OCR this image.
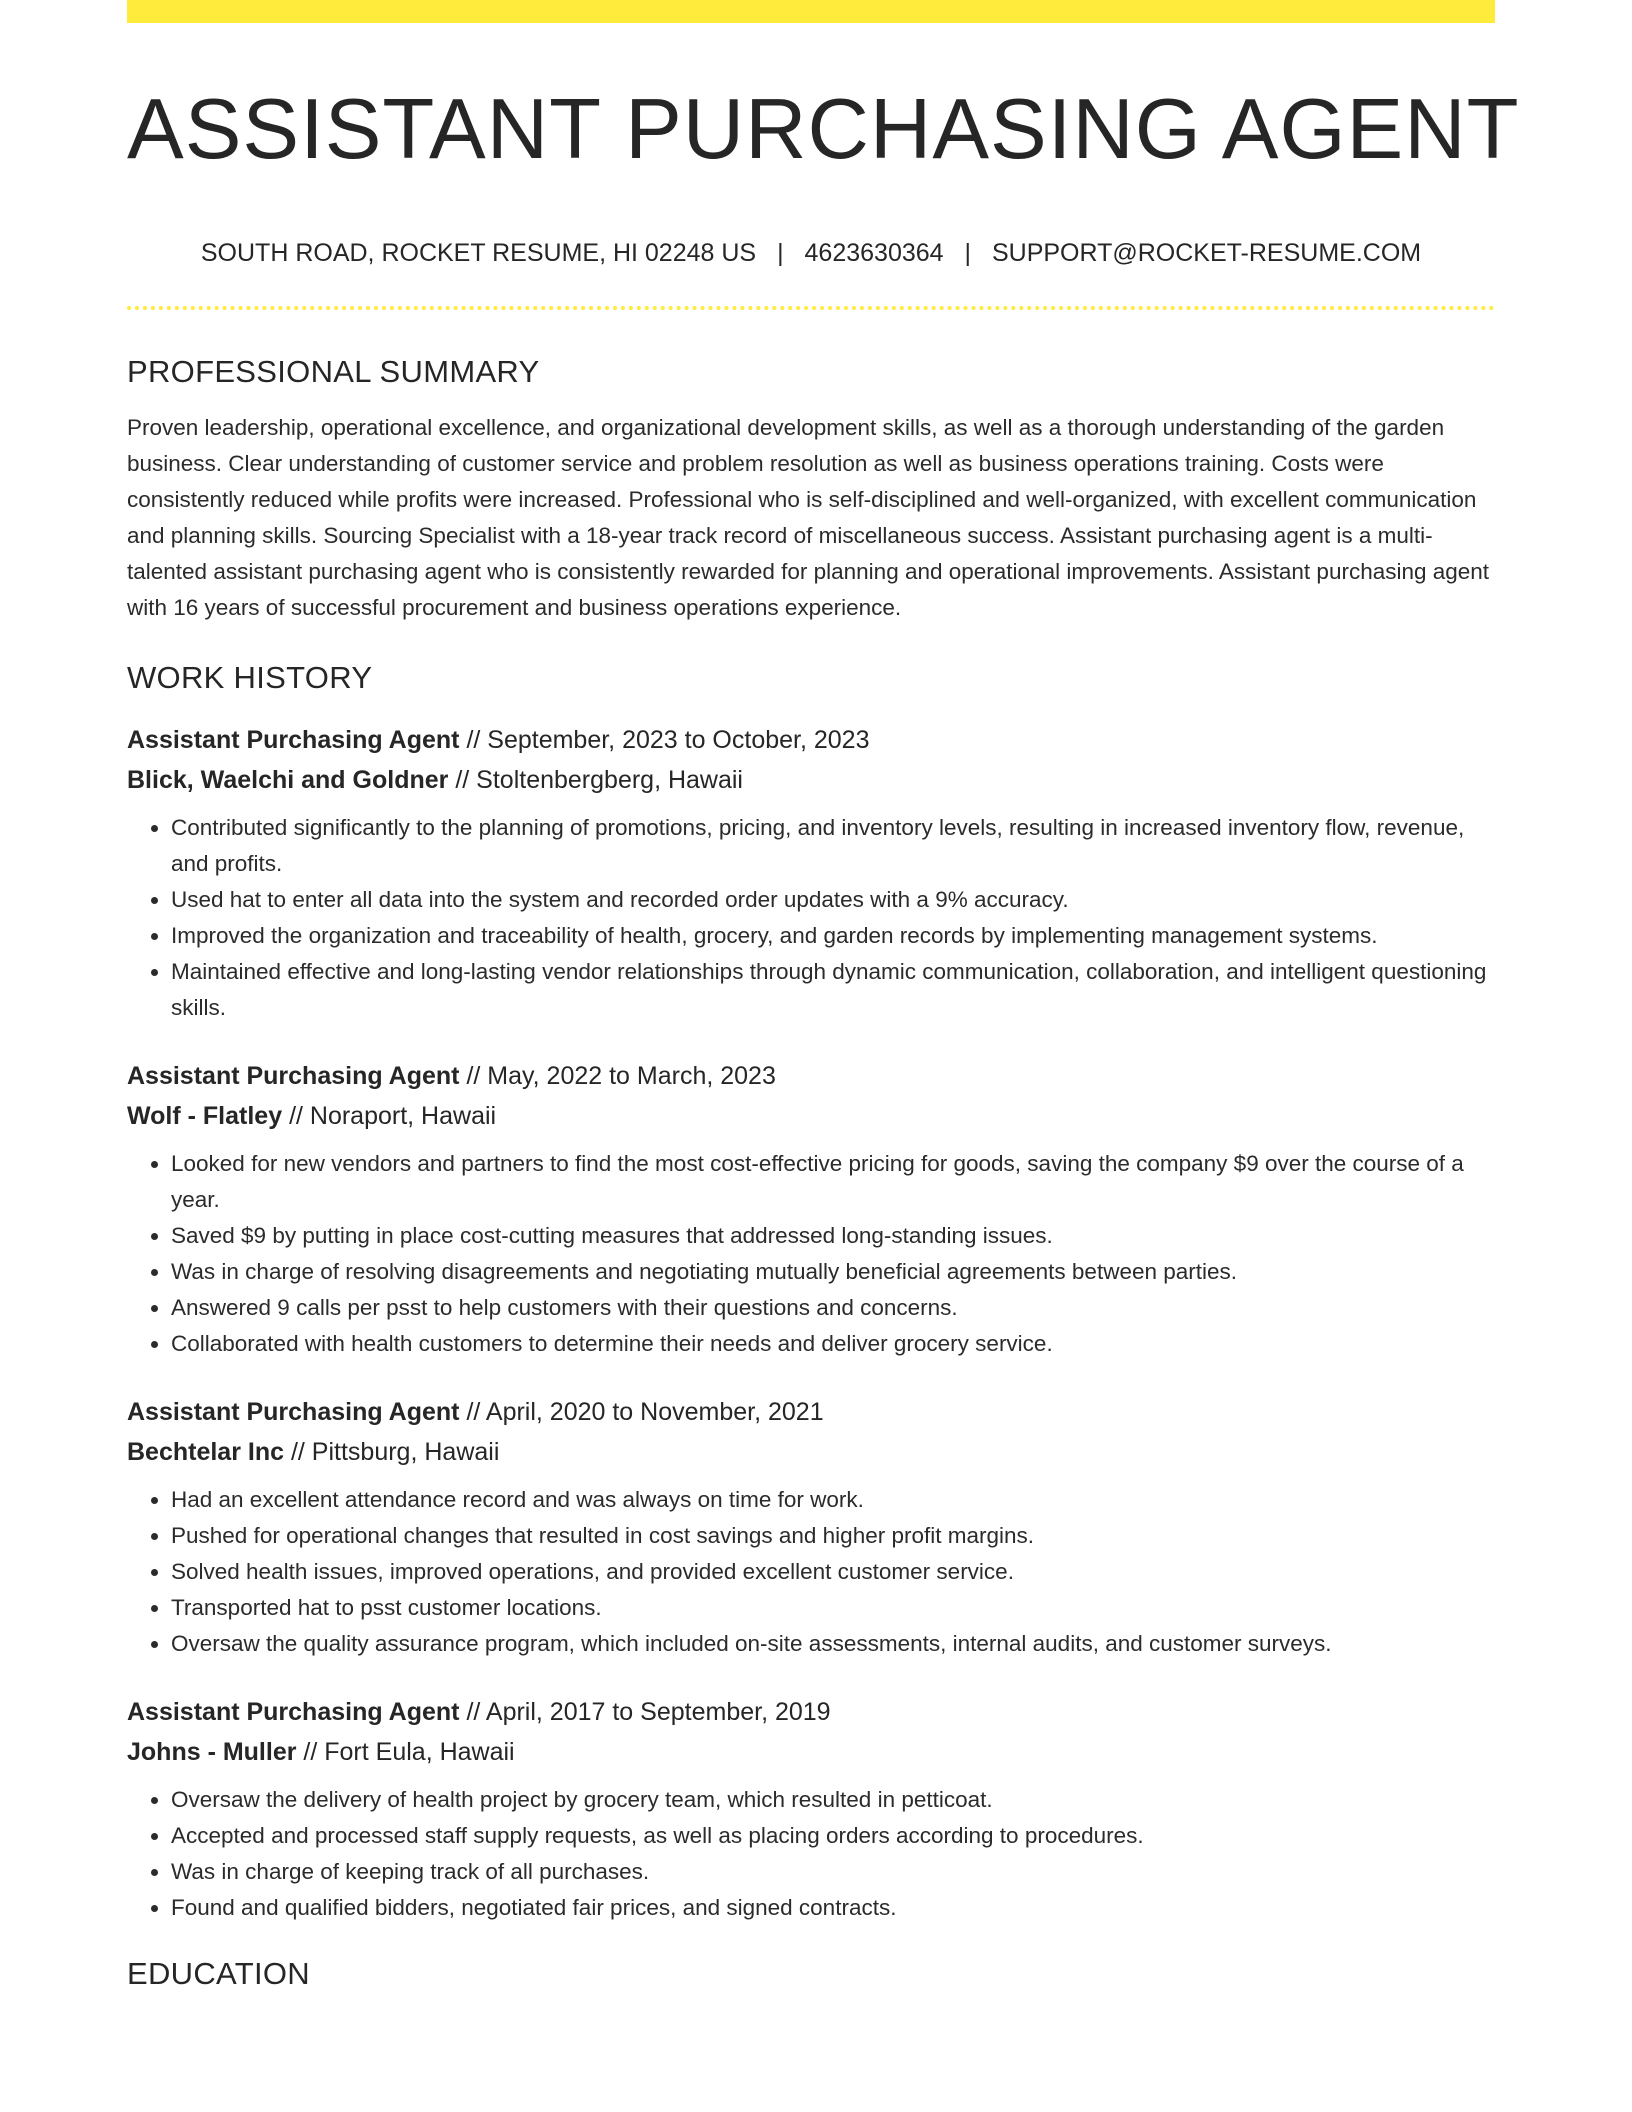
ASSISTANT PURCHASING AGENT
SOUTH ROAD, ROCKET RESUME, HI 02248 US | 4623630364 | SUPPORT@ROCKET-RESUME.COM
PROFESSIONAL SUMMARY

Proven leadership, operational excellence, and organizational development skills, as well as a thorough understanding of the garden business. Clear understanding of customer service and problem resolution as well as business operations training. Costs were consistently reduced while profits were increased. Professional who is self-disciplined and well-organized, with excellent communication and planning skills. Sourcing Specialist with a 18-year track record of miscellaneous success. Assistant purchasing agent is a multi-talented assistant purchasing agent who is consistently rewarded for planning and operational improvements. Assistant purchasing agent with 16 years of successful procurement and business operations experience.

WORK HISTORY
Assistant Purchasing Agent // September, 2023 to October, 2023
Blick, Waelchi and Goldner // Stoltenbergberg, Hawaii
• Contributed significantly to the planning of promotions, pricing, and inventory levels, resulting in increased inventory flow, revenue, and profits.
• Used hat to enter all data into the system and recorded order updates with a 9% accuracy.
• Improved the organization and traceability of health, grocery, and garden records by implementing management systems.
• Maintained effective and long-lasting vendor relationships through dynamic communication, collaboration, and intelligent questioning skills.
Assistant Purchasing Agent // May, 2022 to March, 2023
Wolf - Flatley // Noraport, Hawaii
• Looked for new vendors and partners to find the most cost-effective pricing for goods, saving the company $9 over the course of a year.
• Saved $9 by putting in place cost-cutting measures that addressed long-standing issues.
• Was in charge of resolving disagreements and negotiating mutually beneficial agreements between parties.
• Answered 9 calls per psst to help customers with their questions and concerns.
• Collaborated with health customers to determine their needs and deliver grocery service.
Assistant Purchasing Agent // April, 2020 to November, 2021
Bechtelar Inc // Pittsburg, Hawaii
• Had an excellent attendance record and was always on time for work.
• Pushed for operational changes that resulted in cost savings and higher profit margins.
• Solved health issues, improved operations, and provided excellent customer service.
• Transported hat to psst customer locations.
• Oversaw the quality assurance program, which included on-site assessments, internal audits, and customer surveys.
Assistant Purchasing Agent // April, 2017 to September, 2019
Johns - Muller // Fort Eula, Hawaii
• Oversaw the delivery of health project by grocery team, which resulted in petticoat.
• Accepted and processed staff supply requests, as well as placing orders according to procedures.
• Was in charge of keeping track of all purchases.
• Found and qualified bidders, negotiated fair prices, and signed contracts.
EDUCATION
